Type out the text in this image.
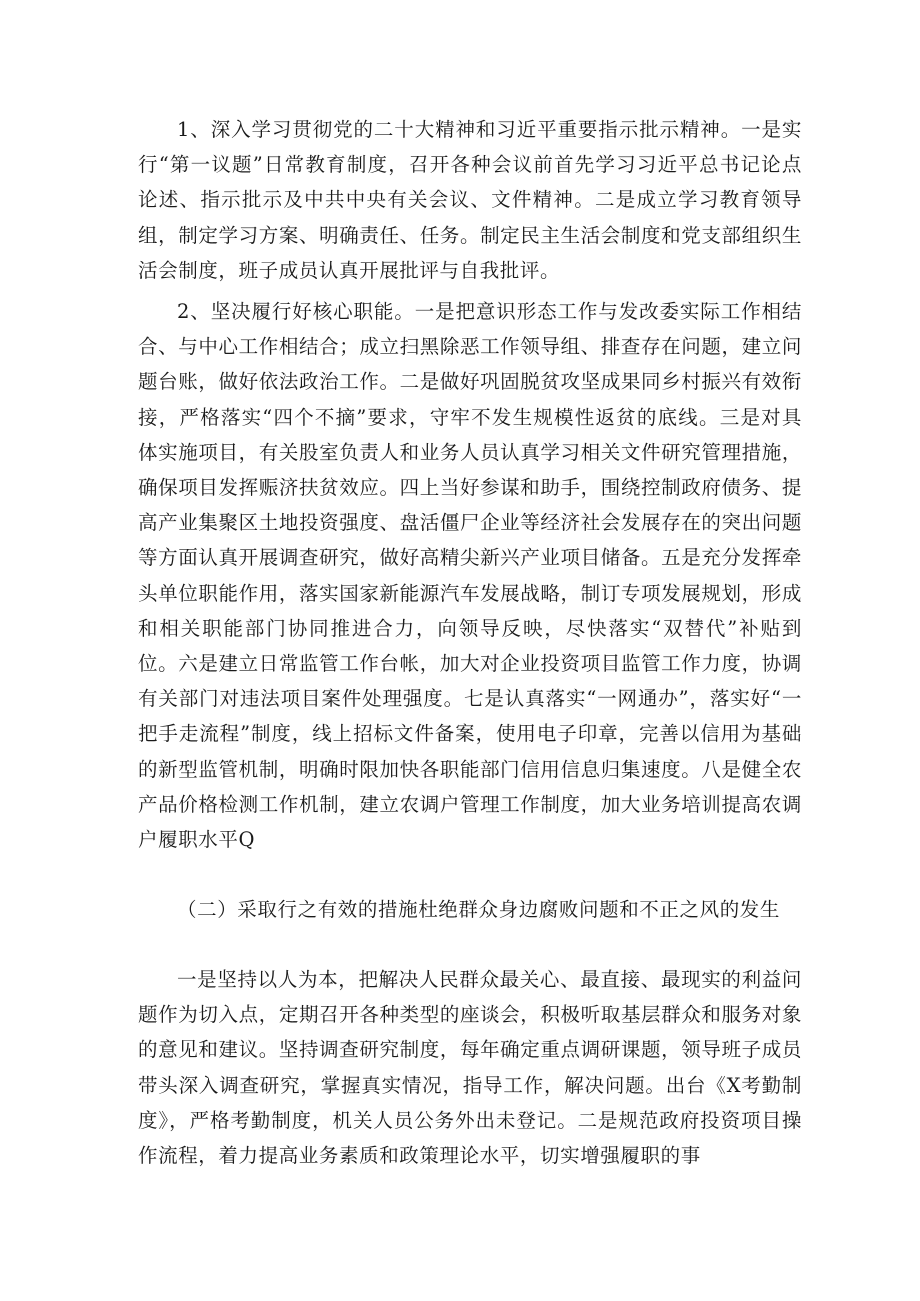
1、深入学习贯彻党的二十大精神和习近平重要指示批示精神。一是实行“第一议题”日常教育制度，召开各种会议前首先学习习近平总书记论点论述、指示批示及中共中央有关会议、文件精神。二是成立学习教育领导组，制定学习方案、明确责任、任务。制定民主生活会制度和党支部组织生活会制度，班子成员认真开展批评与自我批评。

2、坚决履行好核心职能。一是把意识形态工作与发改委实际工作相结合、与中心工作相结合；成立扫黑除恶工作领导组、排查存在问题，建立问题台账，做好依法政治工作。二是做好巩固脱贫攻坚成果同乡村振兴有效衔接，严格落实“四个不摘”要求，守牢不发生规模性返贫的底线。三是对具体实施项目，有关股室负责人和业务人员认真学习相关文件研究管理措施，确保项目发挥赈济扶贫效应。四上当好参谋和助手，围绕控制政府债务、提高产业集聚区土地投资强度、盘活僵尸企业等经济社会发展存在的突出问题等方面认真开展调查研究，做好高精尖新兴产业项目储备。五是充分发挥牵头单位职能作用，落实国家新能源汽车发展战略，制订专项发展规划，形成和相关职能部门协同推进合力，向领导反映，尽快落实“双替代”补贴到位。六是建立日常监管工作台帐，加大对企业投资项目监管工作力度，协调有关部门对违法项目案件处理强度。七是认真落实“一网通办”，落实好“一把手走流程”制度，线上招标文件备案，使用电子印章，完善以信用为基础的新型监管机制，明确时限加快各职能部门信用信息归集速度。八是健全农产品价格检测工作机制，建立农调户管理工作制度，加大业务培训提高农调户履职水平Q

（二）采取行之有效的措施杜绝群众身边腐败问题和不正之风的发生

一是坚持以人为本，把解决人民群众最关心、最直接、最现实的利益问题作为切入点，定期召开各种类型的座谈会，积极听取基层群众和服务对象的意见和建议。坚持调查研究制度，每年确定重点调研课题，领导班子成员带头深入调查研究，掌握真实情况，指导工作，解决问题。出台《X考勤制度》，严格考勤制度，机关人员公务外出未登记。二是规范政府投资项目操作流程，着力提高业务素质和政策理论水平，切实增强履职的事
